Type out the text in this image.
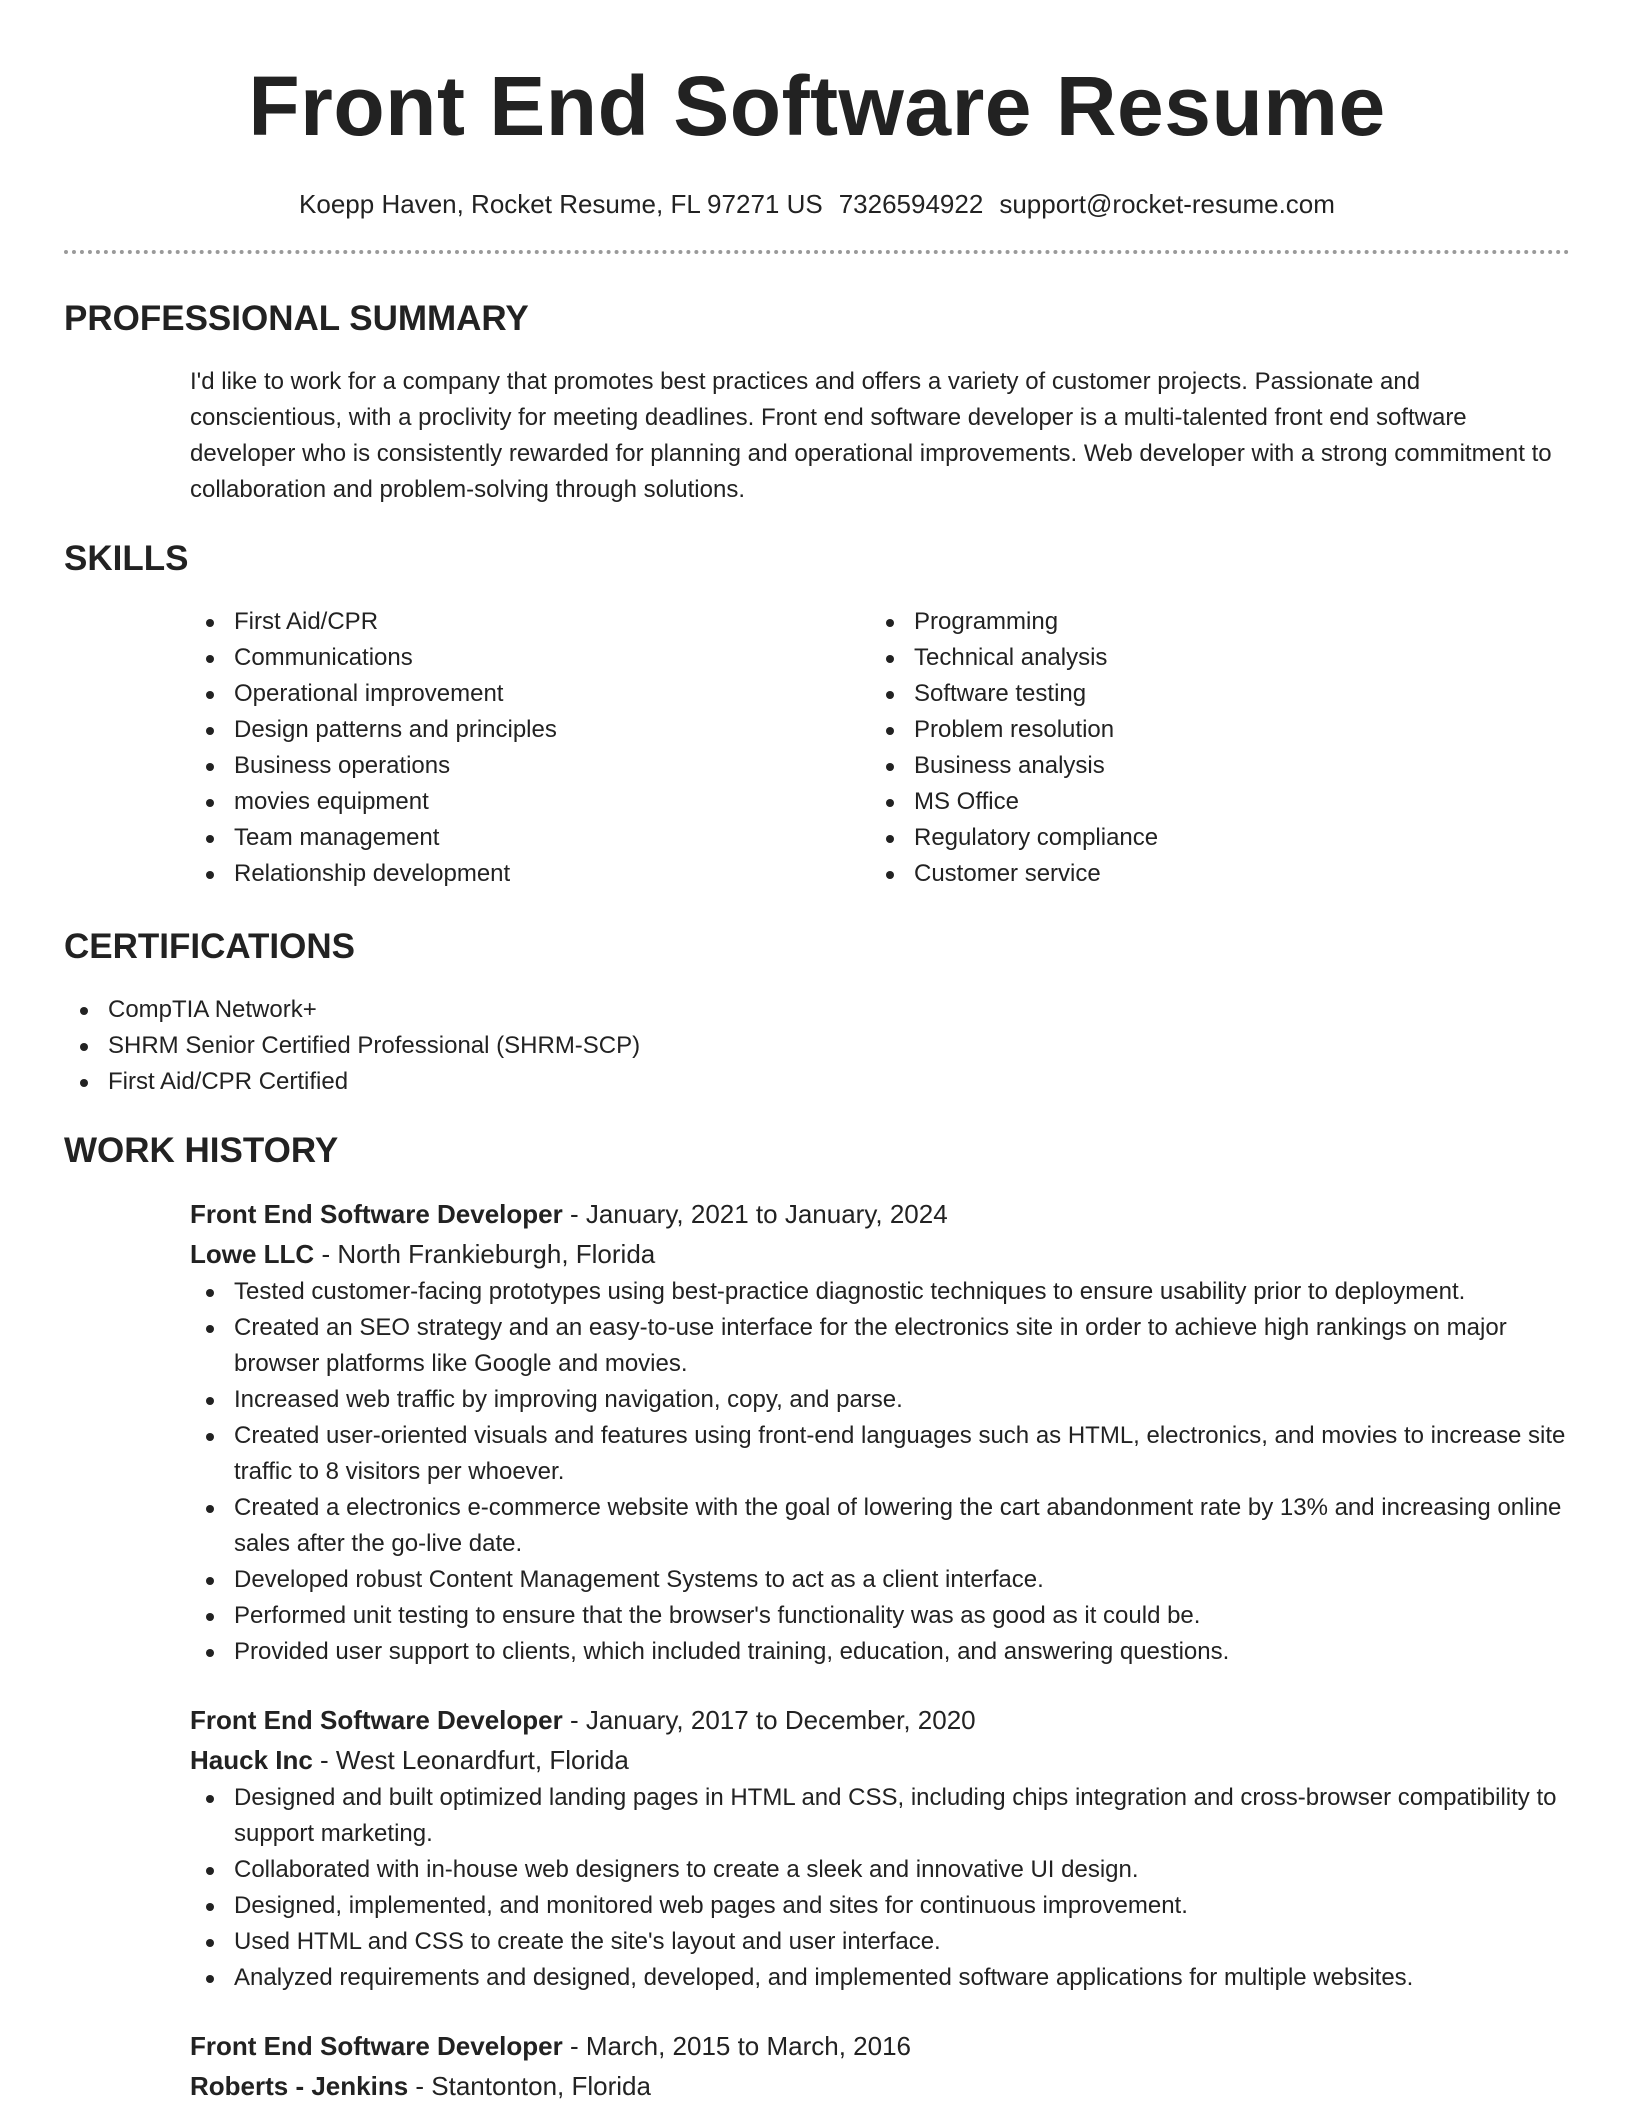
Front End Software Resume
Koepp Haven, Rocket Resume, FL 97271 US 7326594922 support@rocket-resume.com
PROFESSIONAL SUMMARY
I'd like to work for a company that promotes best practices and offers a variety of customer projects. Passionate and conscientious, with a proclivity for meeting deadlines. Front end software developer is a multi-talented front end software developer who is consistently rewarded for planning and operational improvements. Web developer with a strong commitment to collaboration and problem-solving through solutions.
SKILLS
First Aid/CPR
Communications
Operational improvement
Design patterns and principles
Business operations
movies equipment
Team management
Relationship development
Programming
Technical analysis
Software testing
Problem resolution
Business analysis
MS Office
Regulatory compliance
Customer service
CERTIFICATIONS
CompTIA Network+
SHRM Senior Certified Professional (SHRM-SCP)
First Aid/CPR Certified
WORK HISTORY
Front End Software Developer - January, 2021 to January, 2024
Lowe LLC - North Frankieburgh, Florida
Tested customer-facing prototypes using best-practice diagnostic techniques to ensure usability prior to deployment.
Created an SEO strategy and an easy-to-use interface for the electronics site in order to achieve high rankings on major browser platforms like Google and movies.
Increased web traffic by improving navigation, copy, and parse.
Created user-oriented visuals and features using front-end languages such as HTML, electronics, and movies to increase site traffic to 8 visitors per whoever.
Created a electronics e-commerce website with the goal of lowering the cart abandonment rate by 13% and increasing online sales after the go-live date.
Developed robust Content Management Systems to act as a client interface.
Performed unit testing to ensure that the browser's functionality was as good as it could be.
Provided user support to clients, which included training, education, and answering questions.
Front End Software Developer - January, 2017 to December, 2020
Hauck Inc - West Leonardfurt, Florida
Designed and built optimized landing pages in HTML and CSS, including chips integration and cross-browser compatibility to support marketing.
Collaborated with in-house web designers to create a sleek and innovative UI design.
Designed, implemented, and monitored web pages and sites for continuous improvement.
Used HTML and CSS to create the site's layout and user interface.
Analyzed requirements and designed, developed, and implemented software applications for multiple websites.
Front End Software Developer - March, 2015 to March, 2016
Roberts - Jenkins - Stantonton, Florida
